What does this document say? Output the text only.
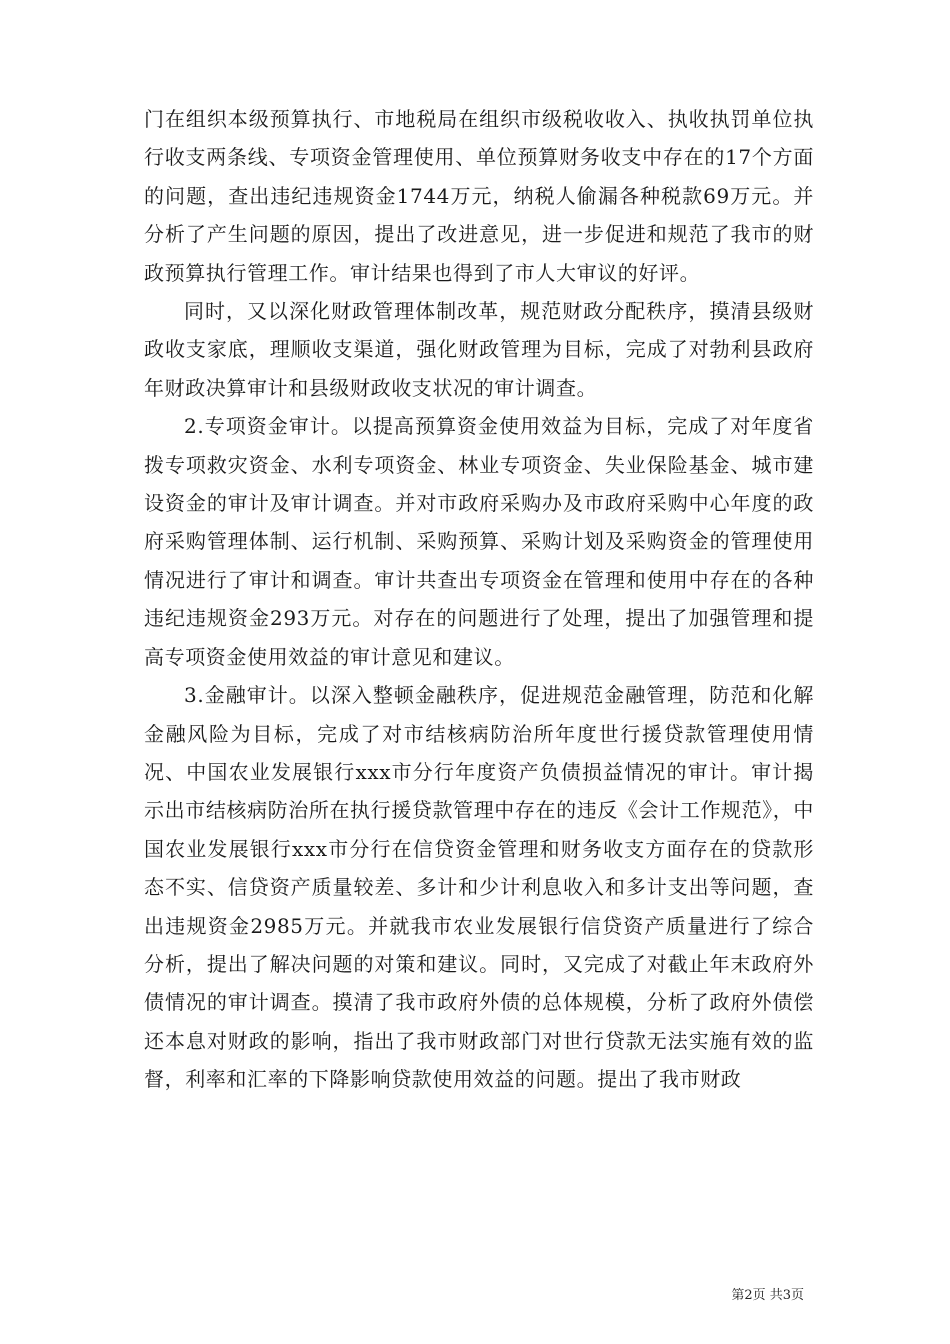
门在组织本级预算执行、市地税局在组织市级税收收入、执收执罚单位执行收支两条线、专项资金管理使用、单位预算财务收支中存在的17个方面的问题，查出违纪违规资金1744万元，纳税人偷漏各种税款69万元。并分析了产生问题的原因，提出了改进意见，进一步促进和规范了我市的财政预算执行管理工作。审计结果也得到了市人大审议的好评。

同时，又以深化财政管理体制改革，规范财政分配秩序，摸清县级财政收支家底，理顺收支渠道，强化财政管理为目标，完成了对勃利县政府年财政决算审计和县级财政收支状况的审计调查。

2.专项资金审计。以提高预算资金使用效益为目标，完成了对年度省拨专项救灾资金、水利专项资金、林业专项资金、失业保险基金、城市建设资金的审计及审计调查。并对市政府采购办及市政府采购中心年度的政府采购管理体制、运行机制、采购预算、采购计划及采购资金的管理使用情况进行了审计和调查。审计共查出专项资金在管理和使用中存在的各种违纪违规资金293万元。对存在的问题进行了处理，提出了加强管理和提高专项资金使用效益的审计意见和建议。

3.金融审计。以深入整顿金融秩序，促进规范金融管理，防范和化解金融风险为目标，完成了对市结核病防治所年度世行援贷款管理使用情况、中国农业发展银行xxx市分行年度资产负债损益情况的审计。审计揭示出市结核病防治所在执行援贷款管理中存在的违反《会计工作规范》，中国农业发展银行xxx市分行在信贷资金管理和财务收支方面存在的贷款形态不实、信贷资产质量较差、多计和少计利息收入和多计支出等问题，查出违规资金2985万元。并就我市农业发展银行信贷资产质量进行了综合分析，提出了解决问题的对策和建议。同时，又完成了对截止年末政府外债情况的审计调查。摸清了我市政府外债的总体规模，分析了政府外债偿还本息对财政的影响，指出了我市财政部门对世行贷款无法实施有效的监督，利率和汇率的下降影响贷款使用效益的问题。提出了我市财政

第2页 共3页
